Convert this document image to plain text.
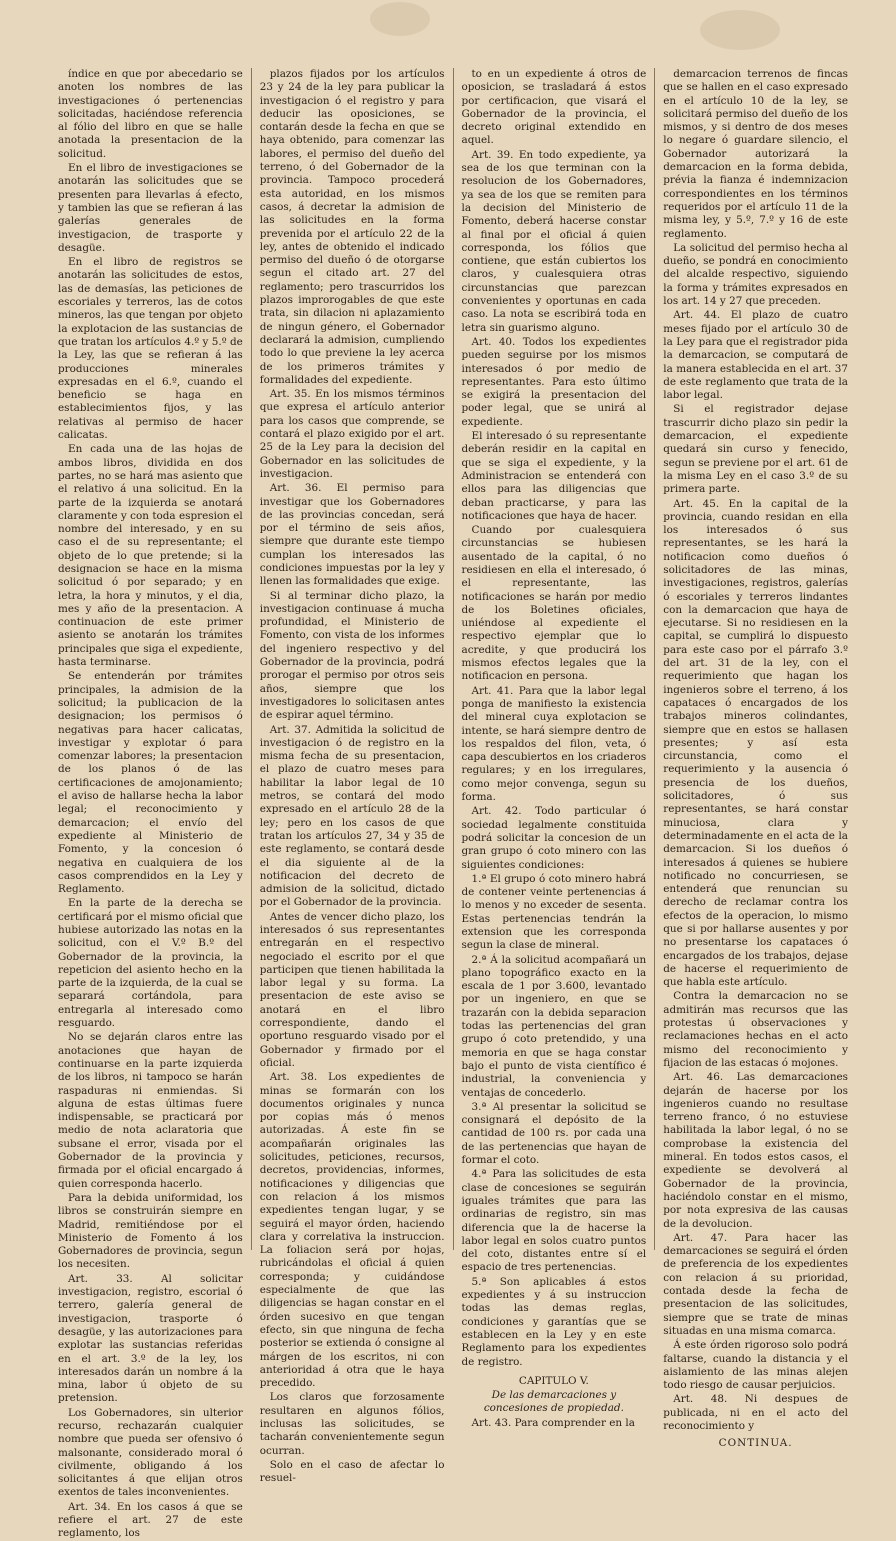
índice en que por abecedario se anoten los nombres de las investigaciones ó pertenencias solicitadas, haciéndose referencia al fólio del libro en que se halle anotada la presentacion de la solicitud.

En el libro de investigaciones se anotarán las solicitudes que se presenten para llevarlas á efecto, y tambien las que se refieran á las galerías generales de investigacion, de trasporte y desagüe.

En el libro de registros se anotarán las solicitudes de estos, las de demasías, las peticiones de escoriales y terreros, las de cotos mineros, las que tengan por objeto la explotacion de las sustancias de que tratan los artículos 4.º y 5.º de la Ley, las que se refieran á las producciones minerales expresadas en el 6.º, cuando el beneficio se haga en establecimientos fijos, y las relativas al permiso de hacer calicatas.

En cada una de las hojas de ambos libros, dividida en dos partes, no se hará mas asiento que el relativo á una solicitud. En la parte de la izquierda se anotará claramente y con toda espresion el nombre del interesado, y en su caso el de su representante; el objeto de lo que pretende; si la designacion se hace en la misma solicitud ó por separado; y en letra, la hora y minutos, y el dia, mes y año de la presentacion. A continuacion de este primer asiento se anotarán los trámites principales que siga el expediente, hasta terminarse.

Se entenderán por trámites principales, la admision de la solicitud; la publicacion de la designacion; los permisos ó negativas para hacer calicatas, investigar y explotar ó para comenzar labores; la presentacion de los planos ó de las certificaciones de amojonamiento; el aviso de hallarse hecha la labor legal; el reconocimiento y demarcacion; el envío del expediente al Ministerio de Fomento, y la concesion ó negativa en cualquiera de los casos comprendidos en la Ley y Reglamento.

En la parte de la derecha se certificará por el mismo oficial que hubiese autorizado las notas en la solicitud, con el V.º B.º del Gobernador de la provincia, la repeticion del asiento hecho en la parte de la izquierda, de la cual se separará cortándola, para entregarla al interesado como resguardo.

No se dejarán claros entre las anotaciones que hayan de continuarse en la parte izquierda de los libros, ni tampoco se harán raspaduras ni enmiendas. Si alguna de estas últimas fuere indispensable, se practicará por medio de nota aclaratoria que subsane el error, visada por el Gobernador de la provincia y firmada por el oficial encargado á quien corresponda hacerlo.

Para la debida uniformidad, los libros se construirán siempre en Madrid, remitiéndose por el Ministerio de Fomento á los Gobernadores de provincia, segun los necesiten.

Art. 33. Al solicitar investigacion, registro, escorial ó terrero, galería general de investigacion, trasporte ó desagüe, y las autorizaciones para explotar las sustancias referidas en el art. 3.º de la ley, los interesados darán un nombre á la mina, labor ú objeto de su pretension.

Los Gobernadores, sin ulterior recurso, rechazarán cualquier nombre que pueda ser ofensivo ó malsonante, considerado moral ó civilmente, obligando á los solicitantes á que elijan otros exentos de tales inconvenientes.

Art. 34. En los casos á que se refiere el art. 27 de este reglamento, los

plazos fijados por los artículos 23 y 24 de la ley para publicar la investigacion ó el registro y para deducir las oposiciones, se contarán desde la fecha en que se haya obtenido, para comenzar las labores, el permiso del dueño del terreno, ó del Gobernador de la provincia. Tampoco procederá esta autoridad, en los mismos casos, á decretar la admision de las solicitudes en la forma prevenida por el artículo 22 de la ley, antes de obtenido el indicado permiso del dueño ó de otorgarse segun el citado art. 27 del reglamento; pero trascurridos los plazos improrogables de que este trata, sin dilacion ni aplazamiento de ningun género, el Gobernador declarará la admision, cumpliendo todo lo que previene la ley acerca de los primeros trámites y formalidades del expediente.

Art. 35. En los mismos términos que expresa el artículo anterior para los casos que comprende, se contará el plazo exigido por el art. 25 de la Ley para la decision del Gobernador en las solicitudes de investigacion.

Art. 36. El permiso para investigar que los Gobernadores de las provincias concedan, será por el término de seis años, siempre que durante este tiempo cumplan los interesados las condiciones impuestas por la ley y llenen las formalidades que exige.

Si al terminar dicho plazo, la investigacion continuase á mucha profundidad, el Ministerio de Fomento, con vista de los informes del ingeniero respectivo y del Gobernador de la provincia, podrá prorogar el permiso por otros seis años, siempre que los investigadores lo solicitasen antes de espirar aquel término.

Art. 37. Admitida la solicitud de investigacion ó de registro en la misma fecha de su presentacion, el plazo de cuatro meses para habilitar la labor legal de 10 metros, se contará del modo expresado en el artículo 28 de la ley; pero en los casos de que tratan los artículos 27, 34 y 35 de este reglamento, se contará desde el dia siguiente al de la notificacion del decreto de admision de la solicitud, dictado por el Gobernador de la provincia.

Antes de vencer dicho plazo, los interesados ó sus representantes entregarán en el respectivo negociado el escrito por el que participen que tienen habilitada la labor legal y su forma. La presentacion de este aviso se anotará en el libro correspondiente, dando el oportuno resguardo visado por el Gobernador y firmado por el oficial.

Art. 38. Los expedientes de minas se formarán con los documentos originales y nunca por copias más ó menos autorizadas. Á este fin se acompañarán originales las solicitudes, peticiones, recursos, decretos, providencias, informes, notificaciones y diligencias que con relacion á los mismos expedientes tengan lugar, y se seguirá el mayor órden, haciendo clara y correlativa la instruccion. La foliacion será por hojas, rubricándolas el oficial á quien corresponda; y cuidándose especialmente de que las diligencias se hagan constar en el órden sucesivo en que tengan efecto, sin que ninguna de fecha posterior se extienda ó consigne al márgen de los escritos, ni con anterioridad á otra que le haya precedido.

Los claros que forzosamente resultaren en algunos fólios, inclusas las solicitudes, se tacharán convenientemente segun ocurran.

Solo en el caso de afectar lo resuel-

to en un expediente á otros de oposicion, se trasladará á estos por certificacion, que visará el Gobernador de la provincia, el decreto original extendido en aquel.

Art. 39. En todo expediente, ya sea de los que terminan con la resolucion de los Gobernadores, ya sea de los que se remiten para la decision del Ministerio de Fomento, deberá hacerse constar al final por el oficial á quien corresponda, los fólios que contiene, que están cubiertos los claros, y cualesquiera otras circunstancias que parezcan convenientes y oportunas en cada caso. La nota se escribirá toda en letra sin guarismo alguno.

Art. 40. Todos los expedientes pueden seguirse por los mismos interesados ó por medio de representantes. Para esto último se exigirá la presentacion del poder legal, que se unirá al expediente.

El interesado ó su representante deberán residir en la capital en que se siga el expediente, y la Administracion se entenderá con ellos para las diligencias que deban practicarse, y para las notificaciones que haya de hacer.

Cuando por cualesquiera circunstancias se hubiesen ausentado de la capital, ó no residiesen en ella el interesado, ó el representante, las notificaciones se harán por medio de los Boletines oficiales, uniéndose al expediente el respectivo ejemplar que lo acredite, y que producirá los mismos efectos legales que la notificacion en persona.

Art. 41. Para que la labor legal ponga de manifiesto la existencia del mineral cuya explotacion se intente, se hará siempre dentro de los respaldos del filon, veta, ó capa descubiertos en los criaderos regulares; y en los irregulares, como mejor convenga, segun su forma.

Art. 42. Todo particular ó sociedad legalmente constituida podrá solicitar la concesion de un gran grupo ó coto minero con las siguientes condiciones:

1.ª El grupo ó coto minero habrá de contener veinte pertenencias á lo menos y no exceder de sesenta. Estas pertenencias tendrán la extension que les corresponda segun la clase de mineral.

2.ª Á la solicitud acompañará un plano topográfico exacto en la escala de 1 por 3.600, levantado por un ingeniero, en que se trazarán con la debida separacion todas las pertenencias del gran grupo ó coto pretendido, y una memoria en que se haga constar bajo el punto de vista científico é industrial, la conveniencia y ventajas de concederlo.

3.ª Al presentar la solicitud se consignará el depósito de la cantidad de 100 rs. por cada una de las pertenencias que hayan de formar el coto.

4.ª Para las solicitudes de esta clase de concesiones se seguirán iguales trámites que para las ordinarias de registro, sin mas diferencia que la de hacerse la labor legal en solos cuatro puntos del coto, distantes entre sí el espacio de tres pertenencias.

5.ª Son aplicables á estos expedientes y á su instruccion todas las demas reglas, condiciones y garantías que se establecen en la Ley y en este Reglamento para los expedientes de registro.

CAPITULO V.

De las demarcaciones y concesiones de propiedad.

Art. 43. Para comprender en la

demarcacion terrenos de fincas que se hallen en el caso expresado en el artículo 10 de la ley, se solicitará permiso del dueño de los mismos, y si dentro de dos meses lo negare ó guardare silencio, el Gobernador autorizará la demarcacion en la forma debida, prévia la fianza é indemnizacion correspondientes en los términos requeridos por el artículo 11 de la misma ley, y 5.º, 7.º y 16 de este reglamento.

La solicitud del permiso hecha al dueño, se pondrá en conocimiento del alcalde respectivo, siguiendo la forma y trámites expresados en los art. 14 y 27 que preceden.

Art. 44. El plazo de cuatro meses fijado por el artículo 30 de la Ley para que el registrador pida la demarcacion, se computará de la manera establecida en el art. 37 de este reglamento que trata de la labor legal.

Si el registrador dejase trascurrir dicho plazo sin pedir la demarcacion, el expediente quedará sin curso y fenecido, segun se previene por el art. 61 de la misma Ley en el caso 3.º de su primera parte.

Art. 45. En la capital de la provincia, cuando residan en ella los interesados ó sus representantes, se les hará la notificacion como dueños ó solicitadores de las minas, investigaciones, registros, galerías ó escoriales y terreros lindantes con la demarcacion que haya de ejecutarse. Si no residiesen en la capital, se cumplirá lo dispuesto para este caso por el párrafo 3.º del art. 31 de la ley, con el requerimiento que hagan los ingenieros sobre el terreno, á los capataces ó encargados de los trabajos mineros colindantes, siempre que en estos se hallasen presentes; y así esta circunstancia, como el requerimiento y la ausencia ó presencia de los dueños, solicitadores, ó sus representantes, se hará constar minuciosa, clara y determinadamente en el acta de la demarcacion. Si los dueños ó interesados á quienes se hubiere notificado no concurriesen, se entenderá que renuncian su derecho de reclamar contra los efectos de la operacion, lo mismo que si por hallarse ausentes y por no presentarse los capataces ó encargados de los trabajos, dejase de hacerse el requerimiento de que habla este artículo.

Contra la demarcacion no se admitirán mas recursos que las protestas ú observaciones y reclamaciones hechas en el acto mismo del reconocimiento y fijacion de las estacas ó mojones.

Art. 46. Las demarcaciones dejarán de hacerse por los ingenieros cuando no resultase terreno franco, ó no estuviese habilitada la labor legal, ó no se comprobase la existencia del mineral. En todos estos casos, el expediente se devolverá al Gobernador de la provincia, haciéndolo constar en el mismo, por nota expresiva de las causas de la devolucion.

Art. 47. Para hacer las demarcaciones se seguirá el órden de preferencia de los expedientes con relacion á su prioridad, contada desde la fecha de presentacion de las solicitudes, siempre que se trate de minas situadas en una misma comarca.

Á este órden rigoroso solo podrá faltarse, cuando la distancia y el aislamiento de las minas alejen todo riesgo de causar perjuicios.

Art. 48. Ni despues de publicada, ni en el acto del reconocimiento y

CONTINUA.
